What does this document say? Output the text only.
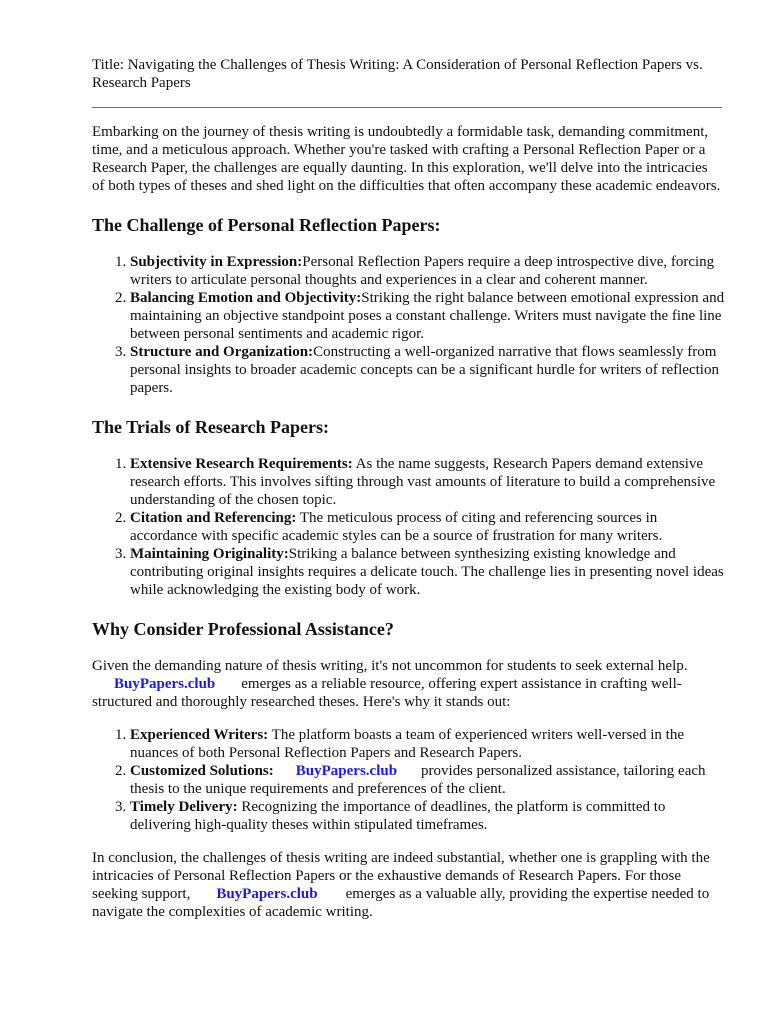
Title: Navigating the Challenges of Thesis Writing: A Consideration of Personal Reflection Papers vs. Research Papers

Embarking on the journey of thesis writing is undoubtedly a formidable task, demanding commitment, time, and a meticulous approach. Whether you're tasked with crafting a Personal Reflection Paper or a Research Paper, the challenges are equally daunting. In this exploration, we'll delve into the intricacies of both types of theses and shed light on the difficulties that often accompany these academic endeavors.

The Challenge of Personal Reflection Papers:
1. Subjectivity in Expression:Personal Reflection Papers require a deep introspective dive, forcing writers to articulate personal thoughts and experiences in a clear and coherent manner.
2. Balancing Emotion and Objectivity:Striking the right balance between emotional expression and maintaining an objective standpoint poses a constant challenge. Writers must navigate the fine line between personal sentiments and academic rigor.
3. Structure and Organization:Constructing a well-organized narrative that flows seamlessly from personal insights to broader academic concepts can be a significant hurdle for writers of reflection papers.
The Trials of Research Papers:
1. Extensive Research Requirements: As the name suggests, Research Papers demand extensive research efforts. This involves sifting through vast amounts of literature to build a comprehensive understanding of the chosen topic.
2. Citation and Referencing: The meticulous process of citing and referencing sources in accordance with specific academic styles can be a source of frustration for many writers.
3. Maintaining Originality:Striking a balance between synthesizing existing knowledge and contributing original insights requires a delicate touch. The challenge lies in presenting novel ideas while acknowledging the existing body of work.
Why Consider Professional Assistance?

Given the demanding nature of thesis writing, it's not uncommon for students to seek external help.
BuyPapers.club emerges as a reliable resource, offering expert assistance in crafting well-structured and thoroughly researched theses. Here's why it stands out:

1. Experienced Writers: The platform boasts a team of experienced writers well-versed in the nuances of both Personal Reflection Papers and Research Papers.
2. Customized Solutions: BuyPapers.club provides personalized assistance, tailoring each thesis to the unique requirements and preferences of the client.
3. Timely Delivery: Recognizing the importance of deadlines, the platform is committed to delivering high-quality theses within stipulated timeframes.

In conclusion, the challenges of thesis writing are indeed substantial, whether one is grappling with the intricacies of Personal Reflection Papers or the exhaustive demands of Research Papers. For those seeking support, BuyPapers.club emerges as a valuable ally, providing the expertise needed to navigate the complexities of academic writing.
